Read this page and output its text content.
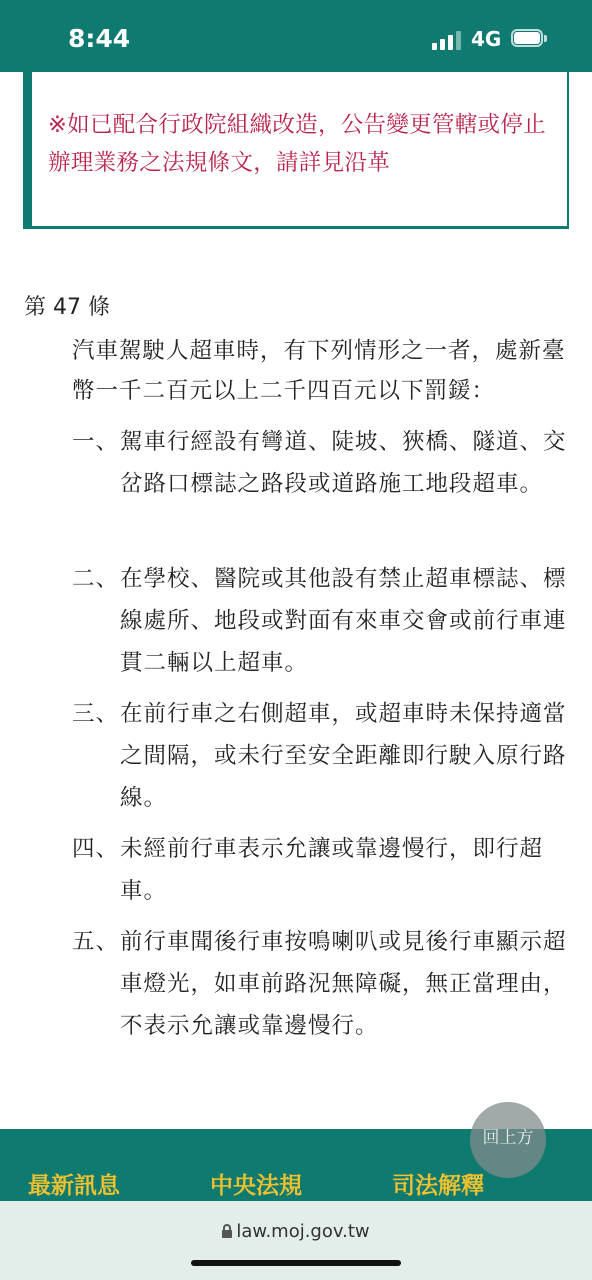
8:44	4G
※如已配合行政院組織改造，公告變更管轄或停止辦理業務之法規條文，請詳見沿革
第 47 條
汽車駕駛人超車時，有下列情形之一者，處新臺幣一千二百元以上二千四百元以下罰鍰：
一、 駕車行經設有彎道、陡坡、狹橋、隧道、交岔路口標誌之路段或道路施工地段超車。
二、 在學校、醫院或其他設有禁止超車標誌、標線處所、地段或對面有來車交會或前行車連貫二輛以上超車。
三、 在前行車之右側超車，或超車時未保持適當之間隔，或未行至安全距離即行駛入原行路線。
四、 未經前行車表示允讓或靠邊慢行，即行超車。
五、 前行車聞後行車按鳴喇叭或見後行車顯示超車燈光，如車前路況無障礙，無正當理由，不表示允讓或靠邊慢行。
最新訊息	中央法規	司法解釋
回上方
law.moj.gov.tw
